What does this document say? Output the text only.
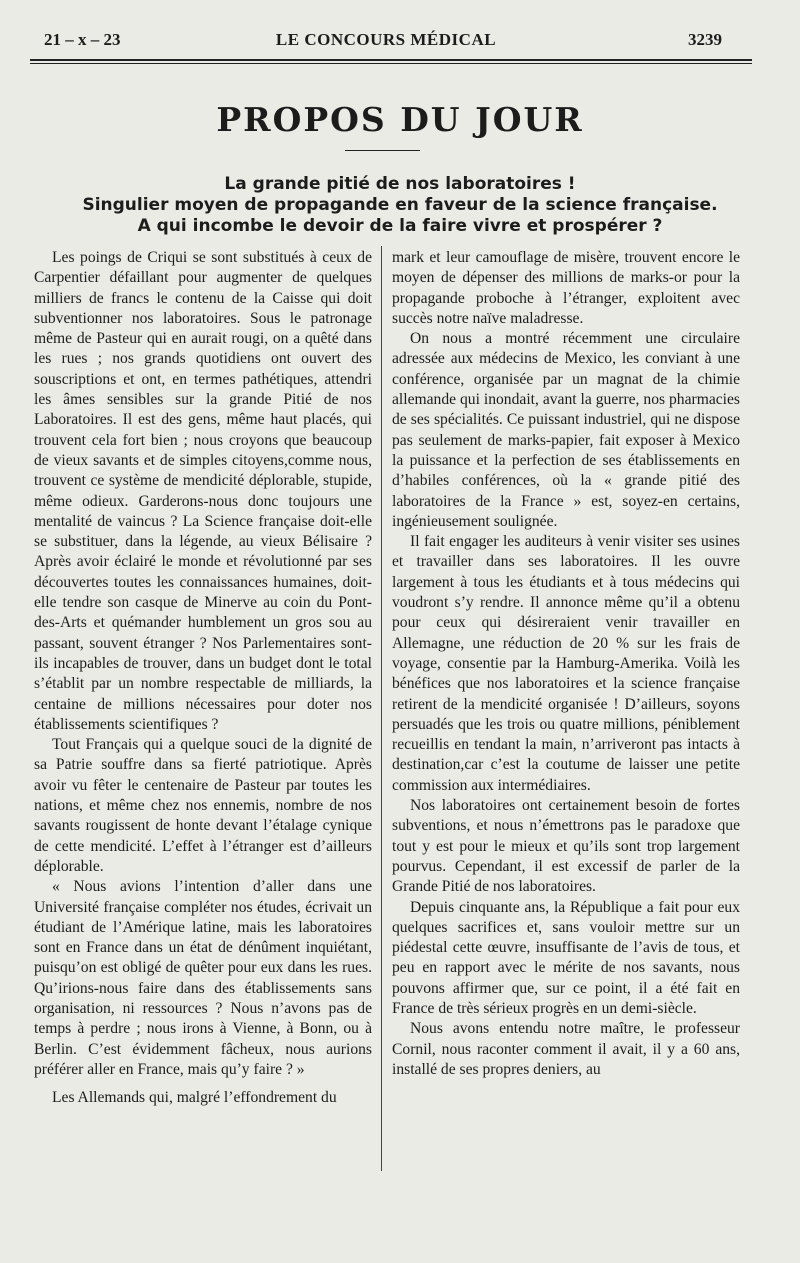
21 – x – 23	LE CONCOURS MÉDICAL	3239
PROPOS DU JOUR
La grande pitié de nos laboratoires !
Singulier moyen de propagande en faveur de la science française.
A qui incombe le devoir de la faire vivre et prospérer ?

Les poings de Criqui se sont substitués à ceux de Carpentier défaillant pour augmenter de quelques milliers de francs le contenu de la Caisse qui doit subventionner nos laboratoires. Sous le patronage même de Pasteur qui en aurait rougi, on a quêté dans les rues ; nos grands quotidiens ont ouvert des souscriptions et ont, en termes pathétiques, attendri les âmes sensibles sur la grande Pitié de nos Laboratoires. Il est des gens, même haut placés, qui trouvent cela fort bien ; nous croyons que beaucoup de vieux savants et de simples citoyens,comme nous, trouvent ce système de mendicité déplorable, stupide, même odieux. Garderons-nous donc toujours une mentalité de vaincus ? La Science française doit-elle se substituer, dans la légende, au vieux Bélisaire ? Après avoir éclairé le monde et révolutionné par ses découvertes toutes les connaissances humaines, doit-elle tendre son casque de Minerve au coin du Pont-des-Arts et quémander humblement un gros sou au passant, souvent étranger ? Nos Parlementaires sont-ils incapables de trouver, dans un budget dont le total s’établit par un nombre respectable de milliards, la centaine de millions nécessaires pour doter nos établissements scientifiques ?

Tout Français qui a quelque souci de la dignité de sa Patrie souffre dans sa fierté patriotique. Après avoir vu fêter le centenaire de Pasteur par toutes les nations, et même chez nos ennemis, nombre de nos savants rougissent de honte devant l’étalage cynique de cette mendicité. L’effet à l’étranger est d’ailleurs déplorable.

« Nous avions l’intention d’aller dans une Université française compléter nos études, écrivait un étudiant de l’Amérique latine, mais les laboratoires sont en France dans un état de dénûment inquiétant, puisqu’on est obligé de quêter pour eux dans les rues. Qu’irions-nous faire dans des établissements sans organisation, ni ressources ? Nous n’avons pas de temps à perdre ; nous irons à Vienne, à Bonn, ou à Berlin. C’est évidemment fâcheux, nous aurions préférer aller en France, mais qu’y faire ? »

Les Allemands qui, malgré l’effondrement du

mark et leur camouflage de misère, trouvent encore le moyen de dépenser des millions de marks-or pour la propagande proboche à l’étranger, exploitent avec succès notre naïve maladresse.

On nous a montré récemment une circulaire adressée aux médecins de Mexico, les conviant à une conférence, organisée par un magnat de la chimie allemande qui inondait, avant la guerre, nos pharmacies de ses spécialités. Ce puissant industriel, qui ne dispose pas seulement de marks-papier, fait exposer à Mexico la puissance et la perfection de ses établissements en d’habiles conférences, où la « grande pitié des laboratoires de la France » est, soyez-en certains, ingénieusement soulignée.

Il fait engager les auditeurs à venir visiter ses usines et travailler dans ses laboratoires. Il les ouvre largement à tous les étudiants et à tous médecins qui voudront s’y rendre. Il annonce même qu’il a obtenu pour ceux qui désireraient venir travailler en Allemagne, une réduction de 20 % sur les frais de voyage, consentie par la Hamburg-Amerika. Voilà les bénéfices que nos laboratoires et la science française retirent de la mendicité organisée ! D’ailleurs, soyons persuadés que les trois ou quatre millions, péniblement recueillis en tendant la main, n’arriveront pas intacts à destination,car c’est la coutume de laisser une petite commission aux intermédiaires.

Nos laboratoires ont certainement besoin de fortes subventions, et nous n’émettrons pas le paradoxe que tout y est pour le mieux et qu’ils sont trop largement pourvus. Cependant, il est excessif de parler de la Grande Pitié de nos laboratoires.

Depuis cinquante ans, la République a fait pour eux quelques sacrifices et, sans vouloir mettre sur un piédestal cette œuvre, insuffisante de l’avis de tous, et peu en rapport avec le mérite de nos savants, nous pouvons affirmer que, sur ce point, il a été fait en France de très sérieux progrès en un demi-siècle.

Nous avons entendu notre maître, le professeur Cornil, nous raconter comment il avait, il y a 60 ans, installé de ses propres deniers, au
